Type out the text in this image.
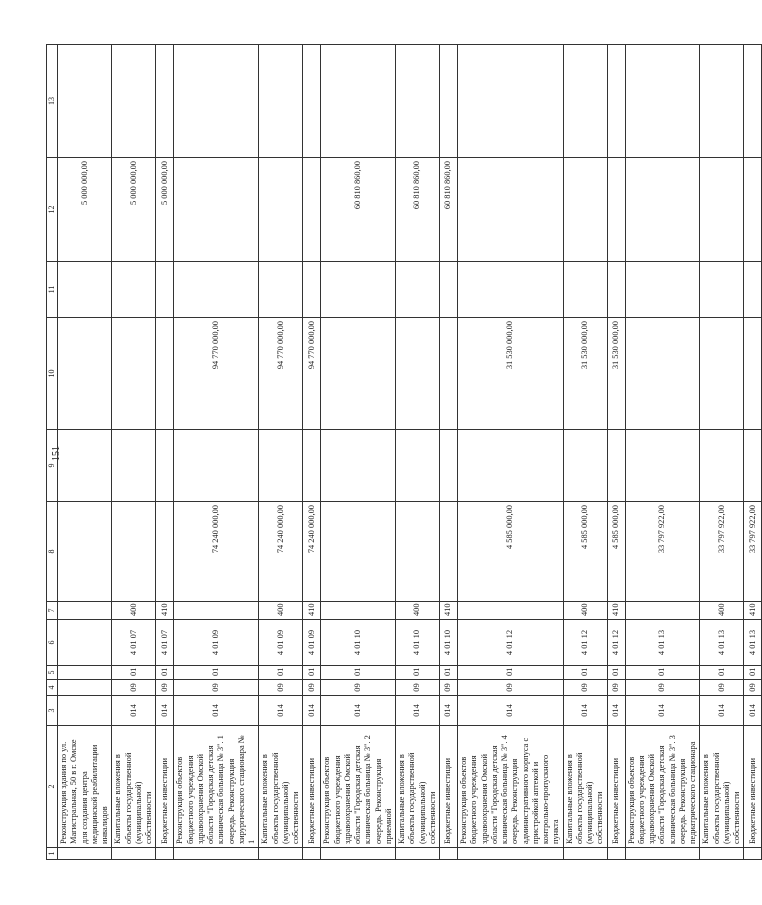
151
1	2	3	4	5	6	7	8	9	10	11	12	13
	Реконструкция здания по ул. Магистральная, 50 в г. Омске для создания центра медицинской реабилитации инвалидов										5 000 000,00	
	Капитальные вложения в объекты государственной (муниципальной) собственности	014	09	01	4 01 07	400					5 000 000,00	
	Бюджетные инвестиции	014	09	01	4 01 07	410					5 000 000,00	
	Реконструкция объектов бюджетного учреждения здравоохранения Омской области "Городская детская клиническая больница № 3". 1 очередь. Реконструкция хирургического стационара № 1	014	09	01	4 01 09		74 240 000,00		94 770 000,00			
	Капитальные вложения в объекты государственной (муниципальной) собственности	014	09	01	4 01 09	400	74 240 000,00		94 770 000,00			
	Бюджетные инвестиции	014	09	01	4 01 09	410	74 240 000,00		94 770 000,00			
	Реконструкция объектов бюджетного учреждения здравоохранения Омской области "Городская детская клиническая больница № 3". 2 очередь. Реконструкция приемной	014	09	01	4 01 10						60 810 860,00	
	Капитальные вложения в объекты государственной (муниципальной) собственности	014	09	01	4 01 10	400					60 810 860,00	
	Бюджетные инвестиции	014	09	01	4 01 10	410					60 810 860,00	
	Реконструкция объектов бюджетного учреждения здравоохранения Омской области "Городская детская клиническая больница № 3". 4 очередь. Реконструкция административного корпуса с пристройкой аптекой и контрольно-пропускного пункта	014	09	01	4 01 12		4 585 000,00		31 530 000,00			
	Капитальные вложения в объекты государственной (муниципальной) собственности	014	09	01	4 01 12	400	4 585 000,00		31 530 000,00			
	Бюджетные инвестиции	014	09	01	4 01 12	410	4 585 000,00		31 530 000,00			
	Реконструкция объектов бюджетного учреждения здравоохранения Омской области "Городская детская клиническая больница № 3". 3 очередь. Реконструкция педиатрического стационара	014	09	01	4 01 13		33 797 922,00					
	Капитальные вложения в объекты государственной (муниципальной) собственности	014	09	01	4 01 13	400	33 797 922,00					
	Бюджетные инвестиции	014	09	01	4 01 13	410	33 797 922,00					
